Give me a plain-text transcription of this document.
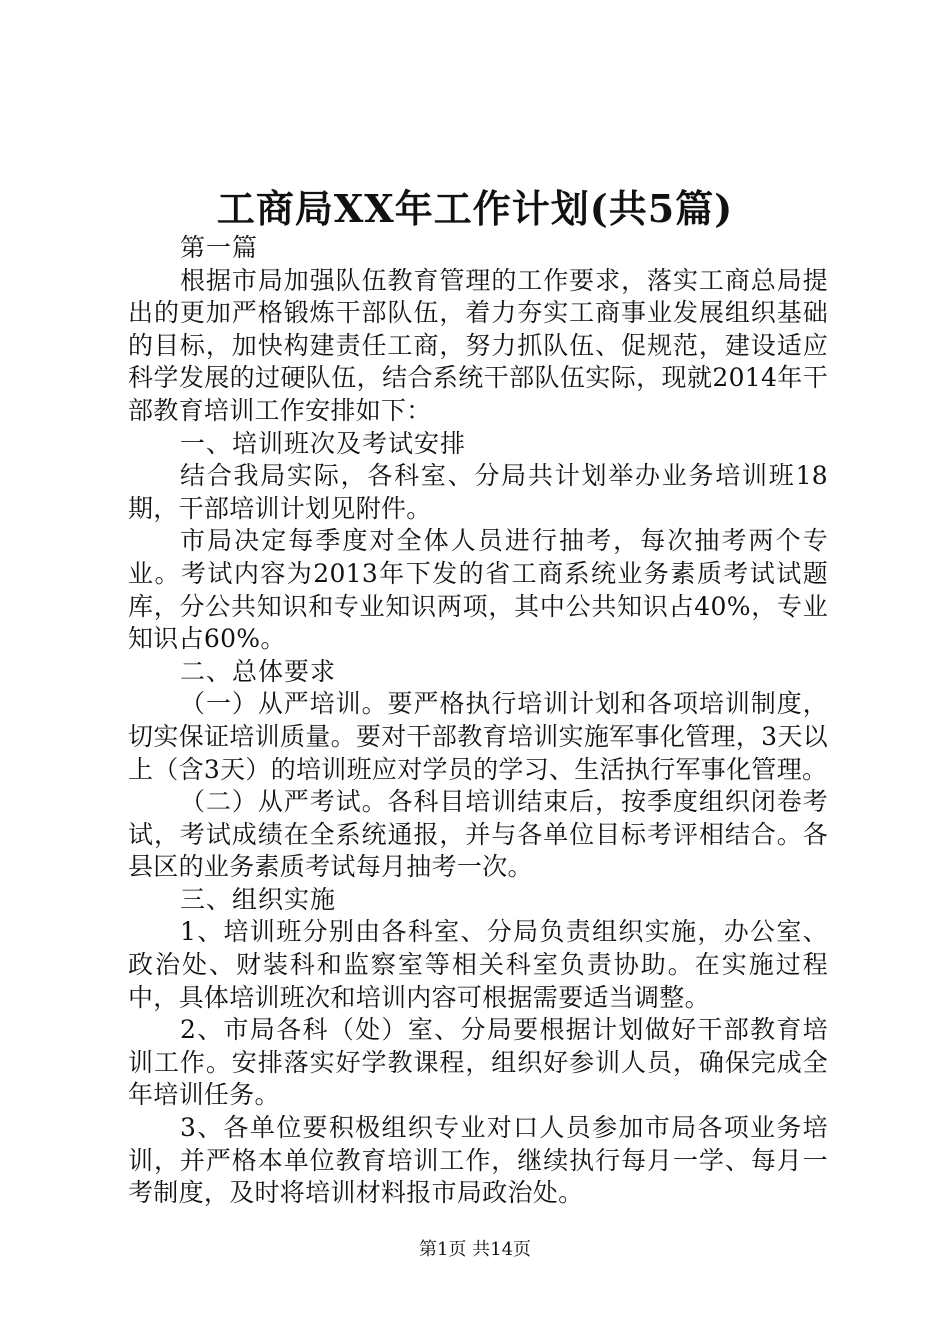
工商局XX年工作计划(共5篇)

第一篇

根据市局加强队伍教育管理的工作要求，落实工商总局提出的更加严格锻炼干部队伍，着力夯实工商事业发展组织基础的目标，加快构建责任工商，努力抓队伍、促规范，建设适应科学发展的过硬队伍，结合系统干部队伍实际，现就2014年干部教育培训工作安排如下：

一、培训班次及考试安排

结合我局实际，各科室、分局共计划举办业务培训班18期，干部培训计划见附件。

市局决定每季度对全体人员进行抽考，每次抽考两个专业。考试内容为2013年下发的省工商系统业务素质考试试题库，分公共知识和专业知识两项，其中公共知识占40%，专业知识占60%。

二、总体要求

（一）从严培训。要严格执行培训计划和各项培训制度，切实保证培训质量。要对干部教育培训实施军事化管理，3天以上（含3天）的培训班应对学员的学习、生活执行军事化管理。

（二）从严考试。各科目培训结束后，按季度组织闭卷考试，考试成绩在全系统通报，并与各单位目标考评相结合。各县区的业务素质考试每月抽考一次。

三、组织实施

1、培训班分别由各科室、分局负责组织实施，办公室、政治处、财装科和监察室等相关科室负责协助。在实施过程中，具体培训班次和培训内容可根据需要适当调整。

2、市局各科（处）室、分局要根据计划做好干部教育培训工作。安排落实好学教课程，组织好参训人员，确保完成全年培训任务。

3、各单位要积极组织专业对口人员参加市局各项业务培训，并严格本单位教育培训工作，继续执行每月一学、每月一考制度，及时将培训材料报市局政治处。

第1页 共14页
